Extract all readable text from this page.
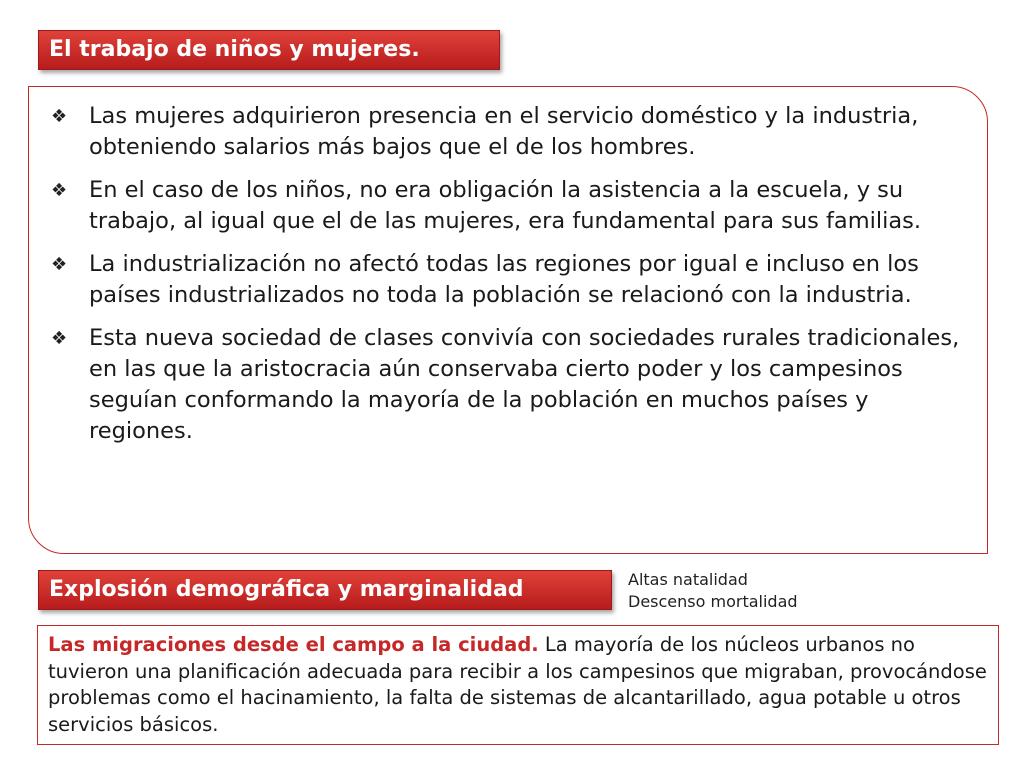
El trabajo de niños y mujeres.
❖ Las mujeres adquirieron presencia en el servicio doméstico y la industria, obteniendo salarios más bajos que el de los hombres.
❖ En el caso de los niños, no era obligación la asistencia a la escuela, y su trabajo, al igual que el de las mujeres, era fundamental para sus familias.
❖ La industrialización no afectó todas las regiones por igual e incluso en los países industrializados no toda la población se relacionó con la industria.
❖ Esta nueva sociedad de clases convivía con sociedades rurales tradicionales, en las que la aristocracia aún conservaba cierto poder y los campesinos seguían conformando la mayoría de la población en muchos países y regiones.
Explosión demográfica y marginalidad	Altas natalidad
Descenso mortalidad
Las migraciones desde el campo a la ciudad. La mayoría de los núcleos urbanos no tuvieron una planificación adecuada para recibir a los campesinos que migraban, provocándose problemas como el hacinamiento, la falta de sistemas de alcantarillado, agua potable u otros servicios básicos.
